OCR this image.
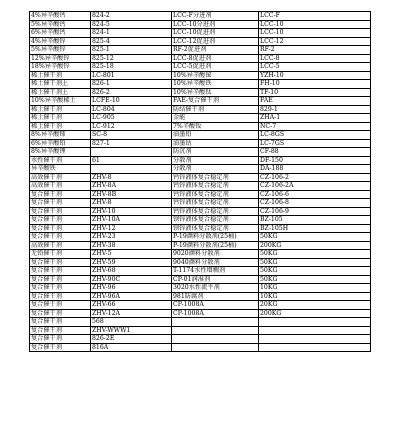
4%异辛酸钙	824-2	LCC-F分进剂	LCC-F
5%异辛酸钙	824-5	LCC-10分进剂	LCC-10
6%异辛酸钙	824-1	LCC-10促进剂	LCC-10
4%异辛酸锌	825-4	LCC-12促进剂	LCC-12
5%异辛酸锌	825-1	RF-2促进剂	RF-2
12%异辛酸锌	825-12	LCC-8促进剂	LCC-8
18%异辛酸锌	825-18	LCC-5促进剂	LCC-5
稀土催干剂	LC-801	10%异辛酸铋	YZH-10
稀土催干剂上	826-1	10%异辛酸铁	FH-10
稀土催干剂上	826-2	10%异辛酸钛	TF-10
10%异辛酸稀土	LCFE-10	FAE-复合催干剂	FAE
稀土催干剂	LC-804	防结催干剂	829-1
稀土催干剂	LC-905	金能	ZHA-1
稀土催干剂	LC-912	7%辛酸钕	NC-7
8%异辛酸铈	SC-8	油墨铅	LC-8GS
6%异辛酸铅	827-1	油墨钴	LC-7GS
8%异辛酸锂		防沉剂	CF-88
水性催干剂	61	分散剂	DF-150
异辛酸铁		分散剂	DA-188
高效催干剂	ZHV-8	钙锌液体复合稳定剂	CZ-106-2
高效催干剂	ZHV-8A	钙锌液体复合稳定剂	CZ-106-2A
复合催干剂	ZHV-8B	钙锌液体复合稳定剂	CZ-106-6
复合催干剂	ZHV-8	钙锌液体复合稳定剂	CZ-106-8
复合催干剂	ZHV-10	钙锌液体复合稳定剂	CZ-106-9
复合催干剂	ZHV-10A	钡锌液体复合稳定剂	BZ-105
复合催干剂	ZHV-12	钡锌液体复合稳定剂	BZ-105H
复合催干剂	ZHV-23	P-19颜料分散剂(25桶)	50KG
高效催干剂	ZHV-38	P-19颜料分散剂(25桶)	200KG
无铅催干剂	ZHV-5	9020颜料分散剂	50KG
复合催干剂	ZHV-59	9040颜料分散剂	50KG
复合催干剂	ZHV-68	T-1174水性增稠剂	50KG
复合催干剂	ZHV-90C	CP-01润湿剂	50KG
复合催干剂	ZHV-96	3020水性流平剂	10KG
复合催干剂	ZHV-96A	981防腐剂	10KG
复合催干剂	ZHV-66	CP-1008A	20KG
复合催干剂	ZHV-12A	CP-1008A	200KG
复合催干剂	568		
复合催干剂	ZHV-WWW1		
复合催干剂	826-2E		
复合催干剂	816A		
